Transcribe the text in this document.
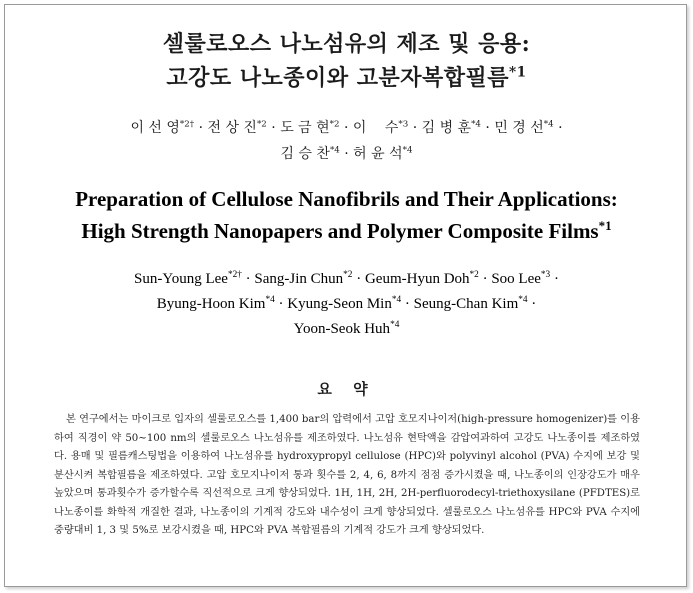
셀룰로오스 나노섬유의 제조 및 응용:
고강도 나노종이와 고분자복합필름$^{*1}$
이 선 영$^{*2\dagger}$ · 전 상 진$^{*2}$ · 도 금 현$^{*2}$ · 이　 수$^{*3}$ · 김 병 훈$^{*4}$ · 민 경 선$^{*4}$ ·
김 승 찬$^{*4}$ · 허 윤 석$^{*4}$
Preparation of Cellulose Nanofibrils and Their Applications:
High Strength Nanopapers and Polymer Composite Films$^{*1}$
Sun-Young Lee$^{*2\dagger}$ · Sang-Jin Chun$^{*2}$ · Geum-Hyun Doh$^{*2}$ · Soo Lee$^{*3}$ ·
Byung-Hoon Kim$^{*4}$ · Kyung-Seon Min$^{*4}$ · Seung-Chan Kim$^{*4}$ ·
Yoon-Seok Huh$^{*4}$
요 약

본 연구에서는 마이크로 입자의 셀룰로오스를 1,400 bar의 압력에서 고압 호모지나이저(high-pressure homogenizer)를 이용하여 직경이 약 50∼100 nm의 셀룰로오스 나노섬유를 제조하였다. 나노섬유 현탁액을 감압여과하여 고강도 나노종이를 제조하였다. 용매 및 필름캐스팅법을 이용하여 나노섬유를 hydroxypropyl cellulose (HPC)와 polyvinyl alcohol (PVA) 수지에 보강 및 분산시켜 복합필름을 제조하였다. 고압 호모지나이저 통과 횟수를 2, 4, 6, 8까지 점점 증가시켰을 때, 나노종이의 인장강도가 매우 높았으며 통과횟수가 증가할수록 직선적으로 크게 향상되었다. 1H, 1H, 2H, 2H-perfluorodecyl-triethoxysilane (PFDTES)로 나노종이를 화학적 개질한 결과, 나노종이의 기계적 강도와 내수성이 크게 향상되었다. 셀룰로오스 나노섬유를 HPC와 PVA 수지에 중량대비 1, 3 및 5%로 보강시켰을 때, HPC와 PVA 복합필름의 기계적 강도가 크게 향상되었다.
